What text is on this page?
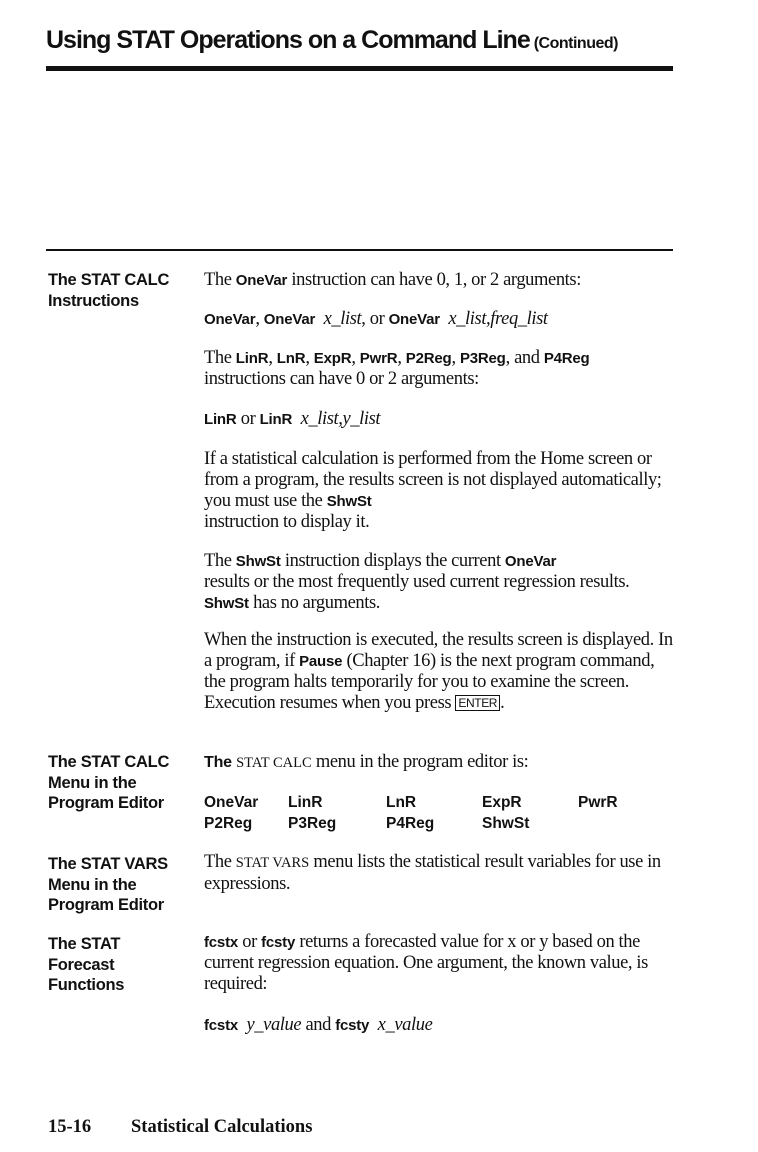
Using STAT Operations on a Command Line (Continued)
The STAT CALC
Instructions

The OneVar instruction can have 0, 1, or 2 arguments:

OneVar, OneVar x_list, or OneVar x_list,freq_list

The LinR, LnR, ExpR, PwrR, P2Reg, P3Reg, and P4Reg
instructions can have 0 or 2 arguments:

LinR or LinR x_list,y_list

If a statistical calculation is performed from the Home screen or from a program, the results screen is not displayed automatically; you must use the ShwSt
instruction to display it.

The ShwSt instruction displays the current OneVar
results or the most frequently used current regression results. ShwSt has no arguments.

When the instruction is executed, the results screen is displayed. In a program, if Pause (Chapter 16) is the next program command, the program halts temporarily for you to examine the screen. Execution resumes when you press ENTER .

The STAT CALC
Menu in the
Program Editor

The STAT CALC menu in the program editor is:

OneVar LinR	LnR	ExpR	PwrR
P2Reg P3Reg	P4Reg	ShwSt
The STAT VARS
Menu in the
Program Editor

The STAT VARS menu lists the statistical result variables for use in expressions.

The STAT
Forecast
Functions

fcstx or fcsty returns a forecasted value for x or y based on the current regression equation. One argument, the known value, is required:

fcstx y_value and fcsty x_value

15-16 Statistical Calculations
